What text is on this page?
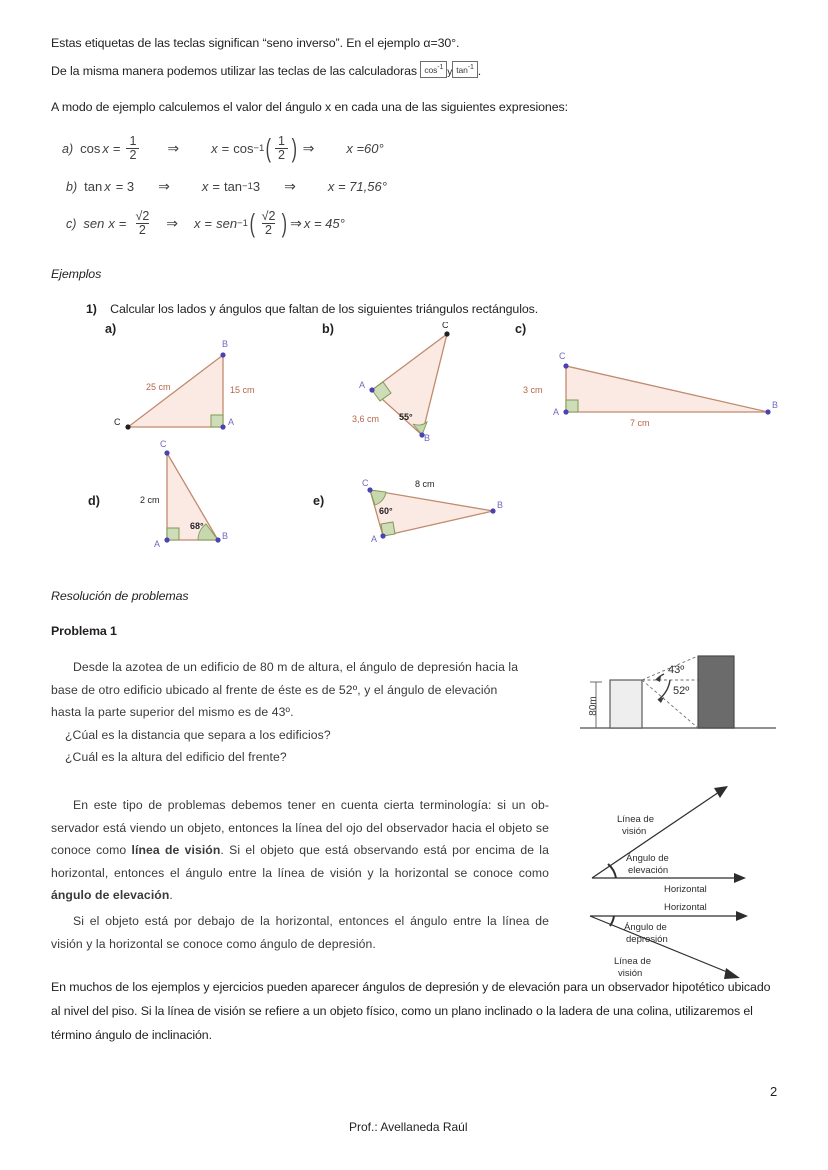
Estas etiquetas de las teclas significan “seno inverso”. En el ejemplo α=30°.
De la misma manera podemos utilizar las teclas de las calculadoras $\cos^{-1} y$ $\tan^{-1}$ .
A modo de ejemplo calculemos el valor del ángulo x en cada una de las siguientes expresiones:
a) $\cos x = \frac{1}{2}$ ⇒ x = cos −1 ( $\frac{1}{2}$ ) ⇒ x =60°
b) tan x = 3 ⇒ x = tan −1 3 ⇒ x = 71,56°
c) sen $x = \frac{√2}{2}$ ⇒ x = sen −1 ( $\frac{√2}{2}$ ) ⇒ x = 45°
Ejemplos
1) Calcular los lados y ángulos que faltan de los siguientes triángulos rectángulos.
a)	b)	c)
d)	e)
B
A
C
25 cm	15 cm
C
A
B
3,6 cm 55°
C
A
B
3 cm
7 cm
C
A
B
2 cm
68°
C
B
A
8 cm
60°
Resolución de problemas
Problema 1
Desde la azotea de un edificio de 80 m de altura, el ángulo de depresión hacia la
base de otro edificio ubicado al frente de éste es de 52º, y el ángulo de elevación
hasta la parte superior del mismo es de 43º.
¿Cúal es la distancia que separa a los edificios?
¿Cuál es la altura del edificio del frente?
80m
43º
52º
En este tipo de problemas debemos tener en cuenta cierta terminología: si un ob-servador está viendo un objeto, entonces la línea del ojo del observador hacia el objeto se conoce como línea de visión. Si el objeto que está observando está por encima de la horizontal, entonces el ángulo entre la línea de visión y la horizontal se conoce como ángulo de elevación.
Si el objeto está por debajo de la horizontal, entonces el ángulo entre la línea de visión y la horizontal se conoce como ángulo de depresión.
Línea de
visión
Ángulo de
elevación
Horizontal
Horizontal
Ángulo de
depresión
Línea de
visión
En muchos de los ejemplos y ejercicios pueden aparecer ángulos de depresión y de elevación para un observador hipotético ubicado al nivel del piso. Si la línea de visión se refiere a un objeto físico, como un plano inclinado o la ladera de una colina, utilizaremos el término ángulo de inclinación.
2
Prof.: Avellaneda Raúl
